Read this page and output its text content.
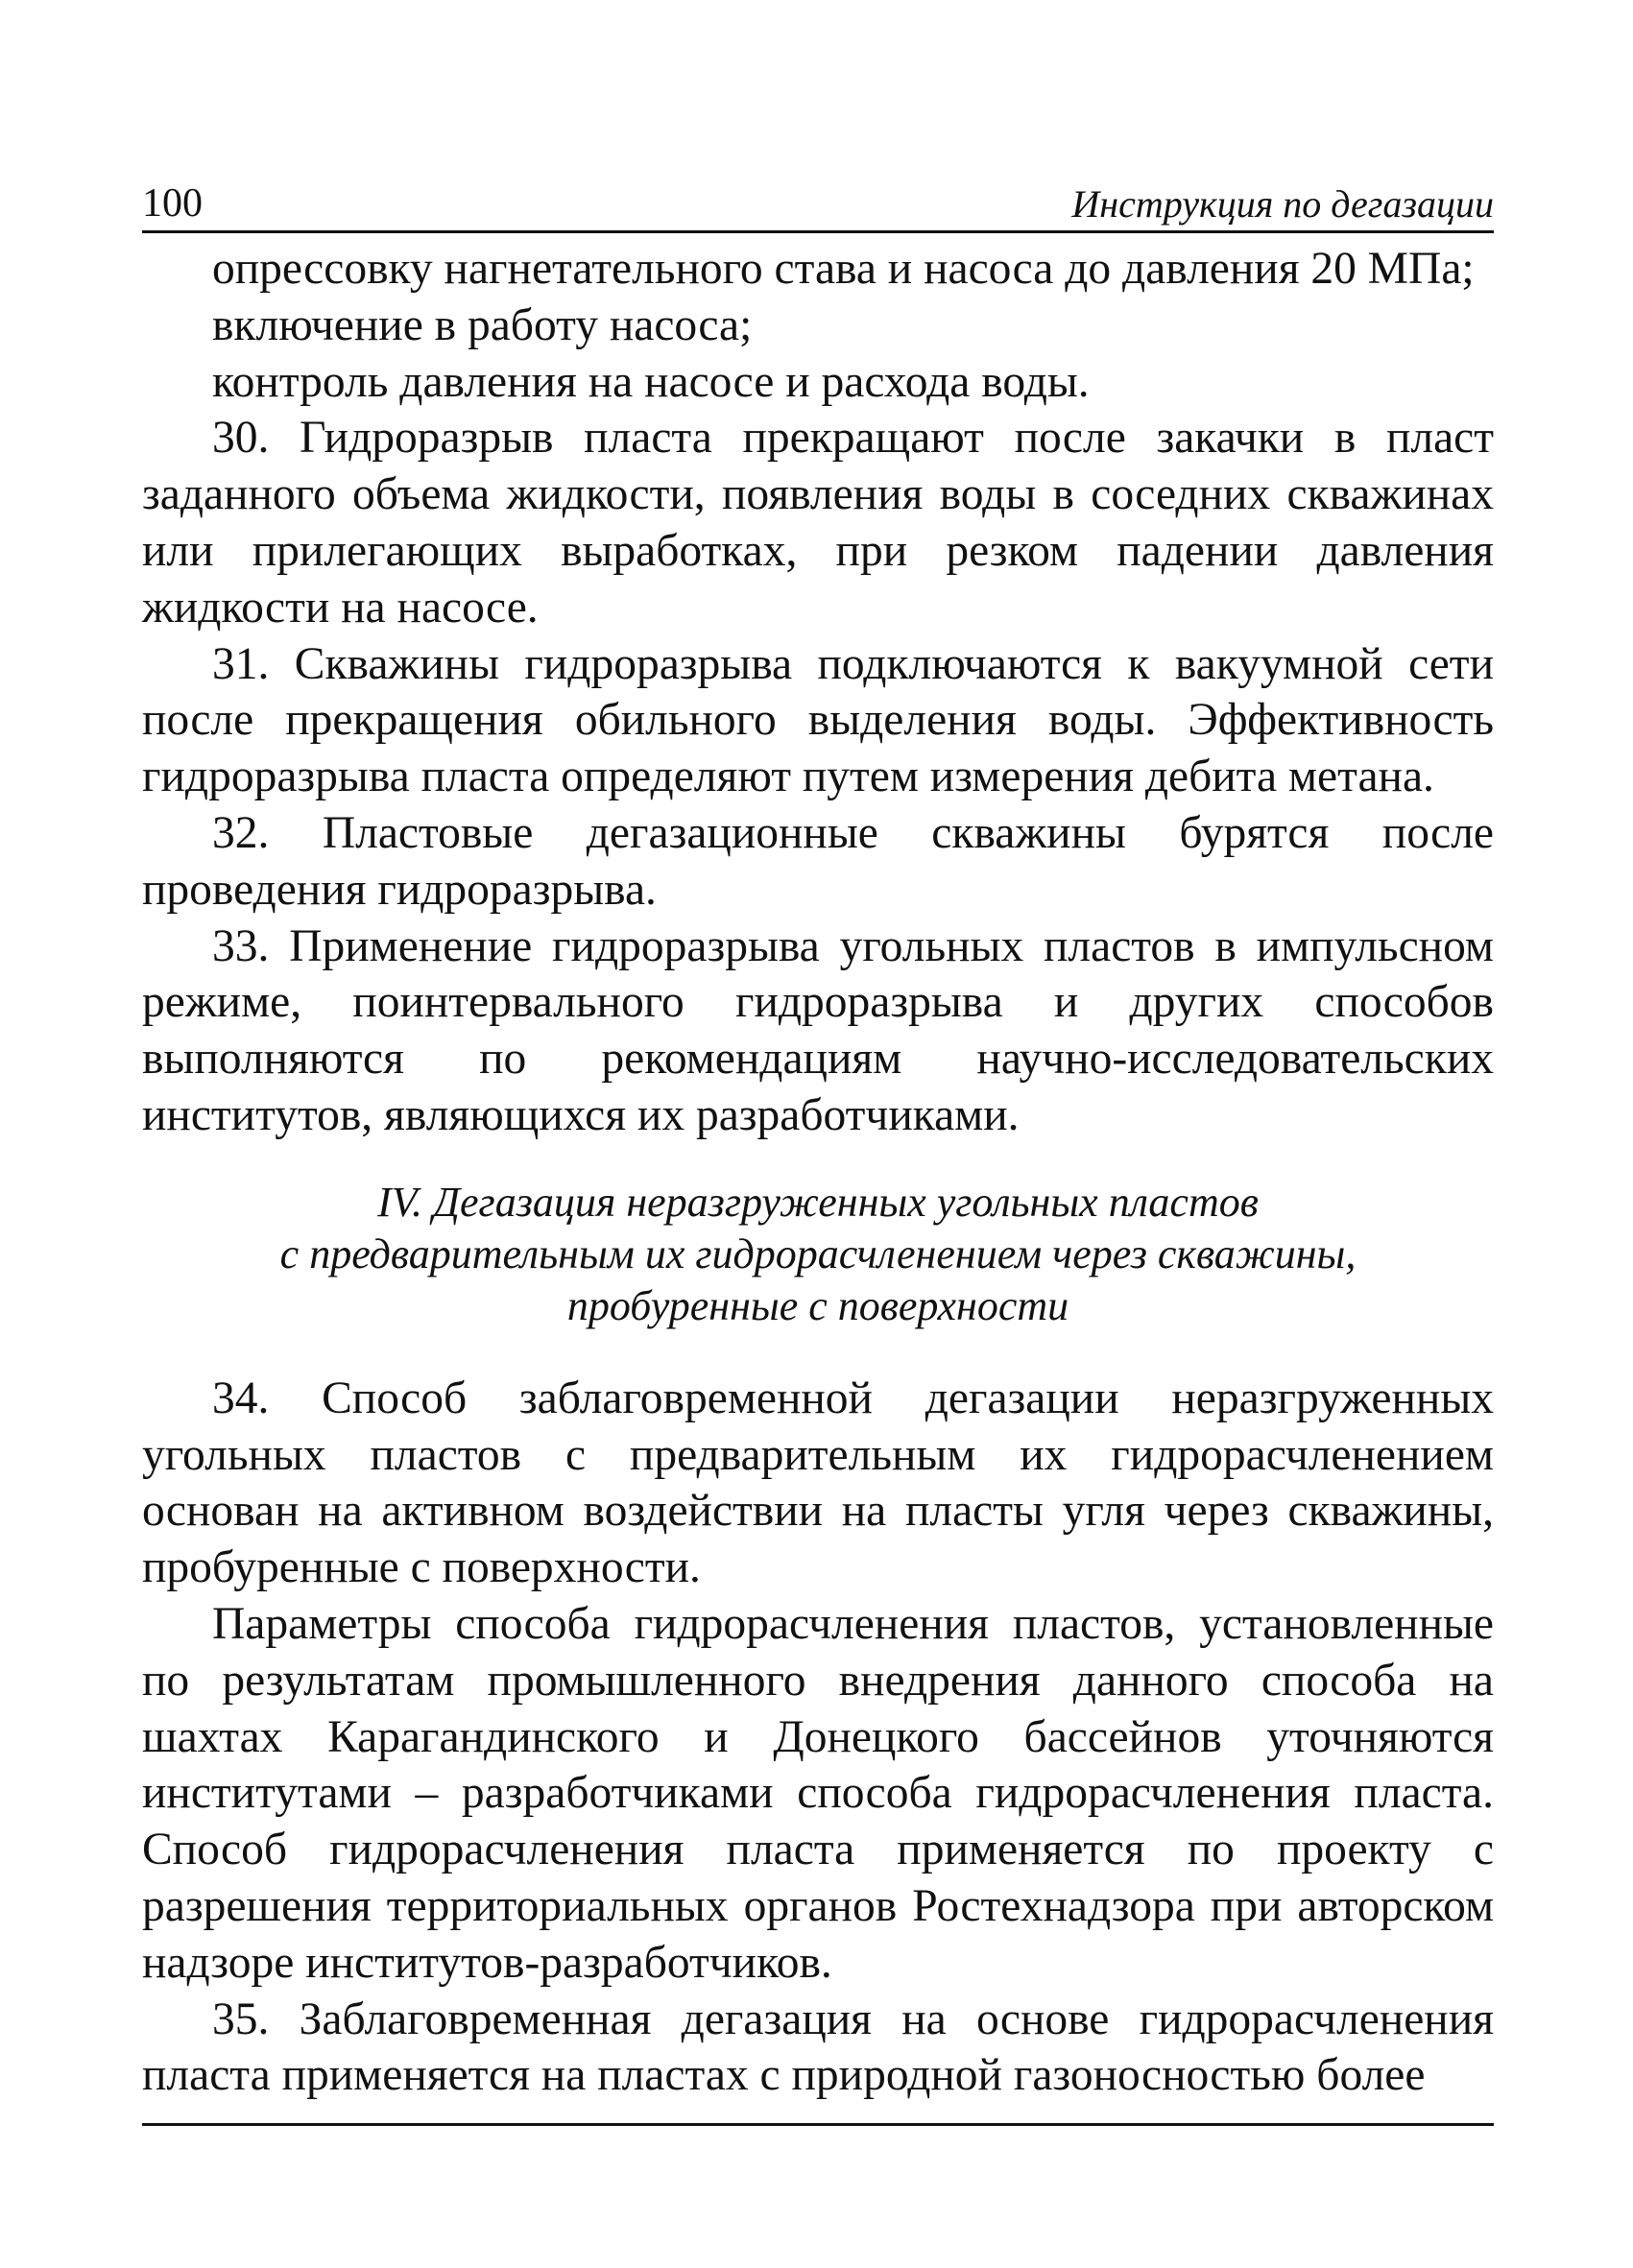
100	Инструкция по дегазации

опрессовку нагнетательного става и насоса до давления 20 МПа;

включение в работу насоса;

контроль давления на насосе и расхода воды.

30. Гидроразрыв пласта прекращают после закачки в пласт заданного объема жидкости, появления воды в соседних скважинах или прилегающих выработках, при резком падении давления жидкости на насосе.

31. Скважины гидроразрыва подключаются к вакуумной сети после прекращения обильного выделения воды. Эффективность гидроразрыва пласта определяют путем измерения дебита метана.

32. Пластовые дегазационные скважины бурятся после проведения гидроразрыва.

33. Применение гидроразрыва угольных пластов в импульсном режиме, поинтервального гидроразрыва и других способов выполняются по рекомендациям научно-исследовательских институтов, являющихся их разработчиками.

IV. Дегазация неразгруженных угольных пластов
с предварительным их гидрорасчленением через скважины,
пробуренные с поверхности

34. Способ заблаговременной дегазации неразгруженных угольных пластов с предварительным их гидрорасчленением основан на активном воздействии на пласты угля через скважины, пробуренные с поверхности.

Параметры способа гидрорасчленения пластов, установленные по результатам промышленного внедрения данного способа на шахтах Карагандинского и Донецкого бассейнов уточняются институтами – разработчиками способа гидрорасчленения пласта. Способ гидрорасчленения пласта применяется по проекту с разрешения территориальных органов Ростехнадзора при авторском надзоре институтов-разработчиков.

35. Заблаговременная дегазация на основе гидрорасчленения пласта применяется на пластах с природной газоносностью более
